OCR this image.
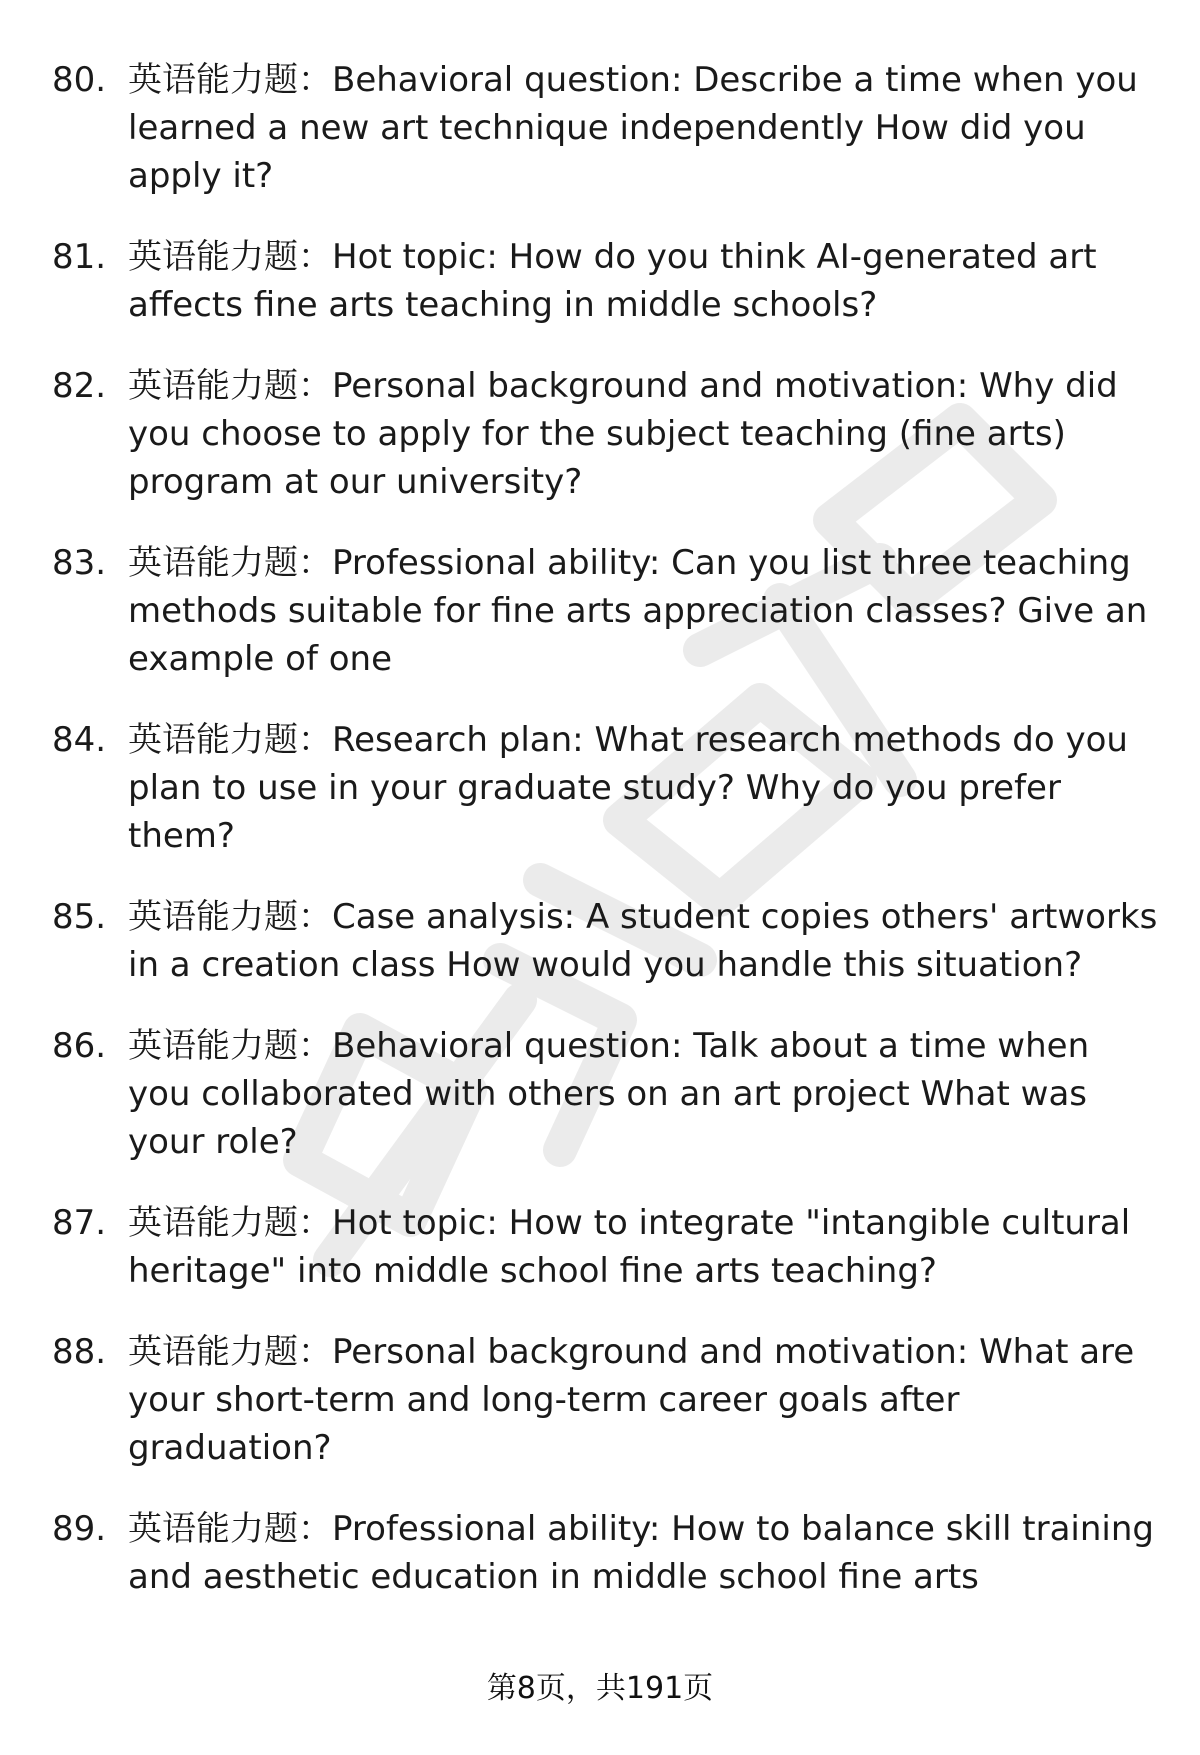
80. 英语能力题：Behavioral question: Describe a time when you learned a new art technique independently How did you apply it?
81. 英语能力题：Hot topic: How do you think AI-generated art affects fine arts teaching in middle schools?
82. 英语能力题：Personal background and motivation: Why did you choose to apply for the subject teaching (fine arts) program at our university?
83. 英语能力题：Professional ability: Can you list three teaching methods suitable for fine arts appreciation classes? Give an example of one
84. 英语能力题：Research plan: What research methods do you plan to use in your graduate study? Why do you prefer them?
85. 英语能力题：Case analysis: A student copies others' artworks in a creation class How would you handle this situation?
86. 英语能力题：Behavioral question: Talk about a time when you collaborated with others on an art project What was your role?
87. 英语能力题：Hot topic: How to integrate "intangible cultural heritage" into middle school fine arts teaching?
88. 英语能力题：Personal background and motivation: What are your short-term and long-term career goals after graduation?
89. 英语能力题：Professional ability: How to balance skill training and aesthetic education in middle school fine arts
第8页，共191页
